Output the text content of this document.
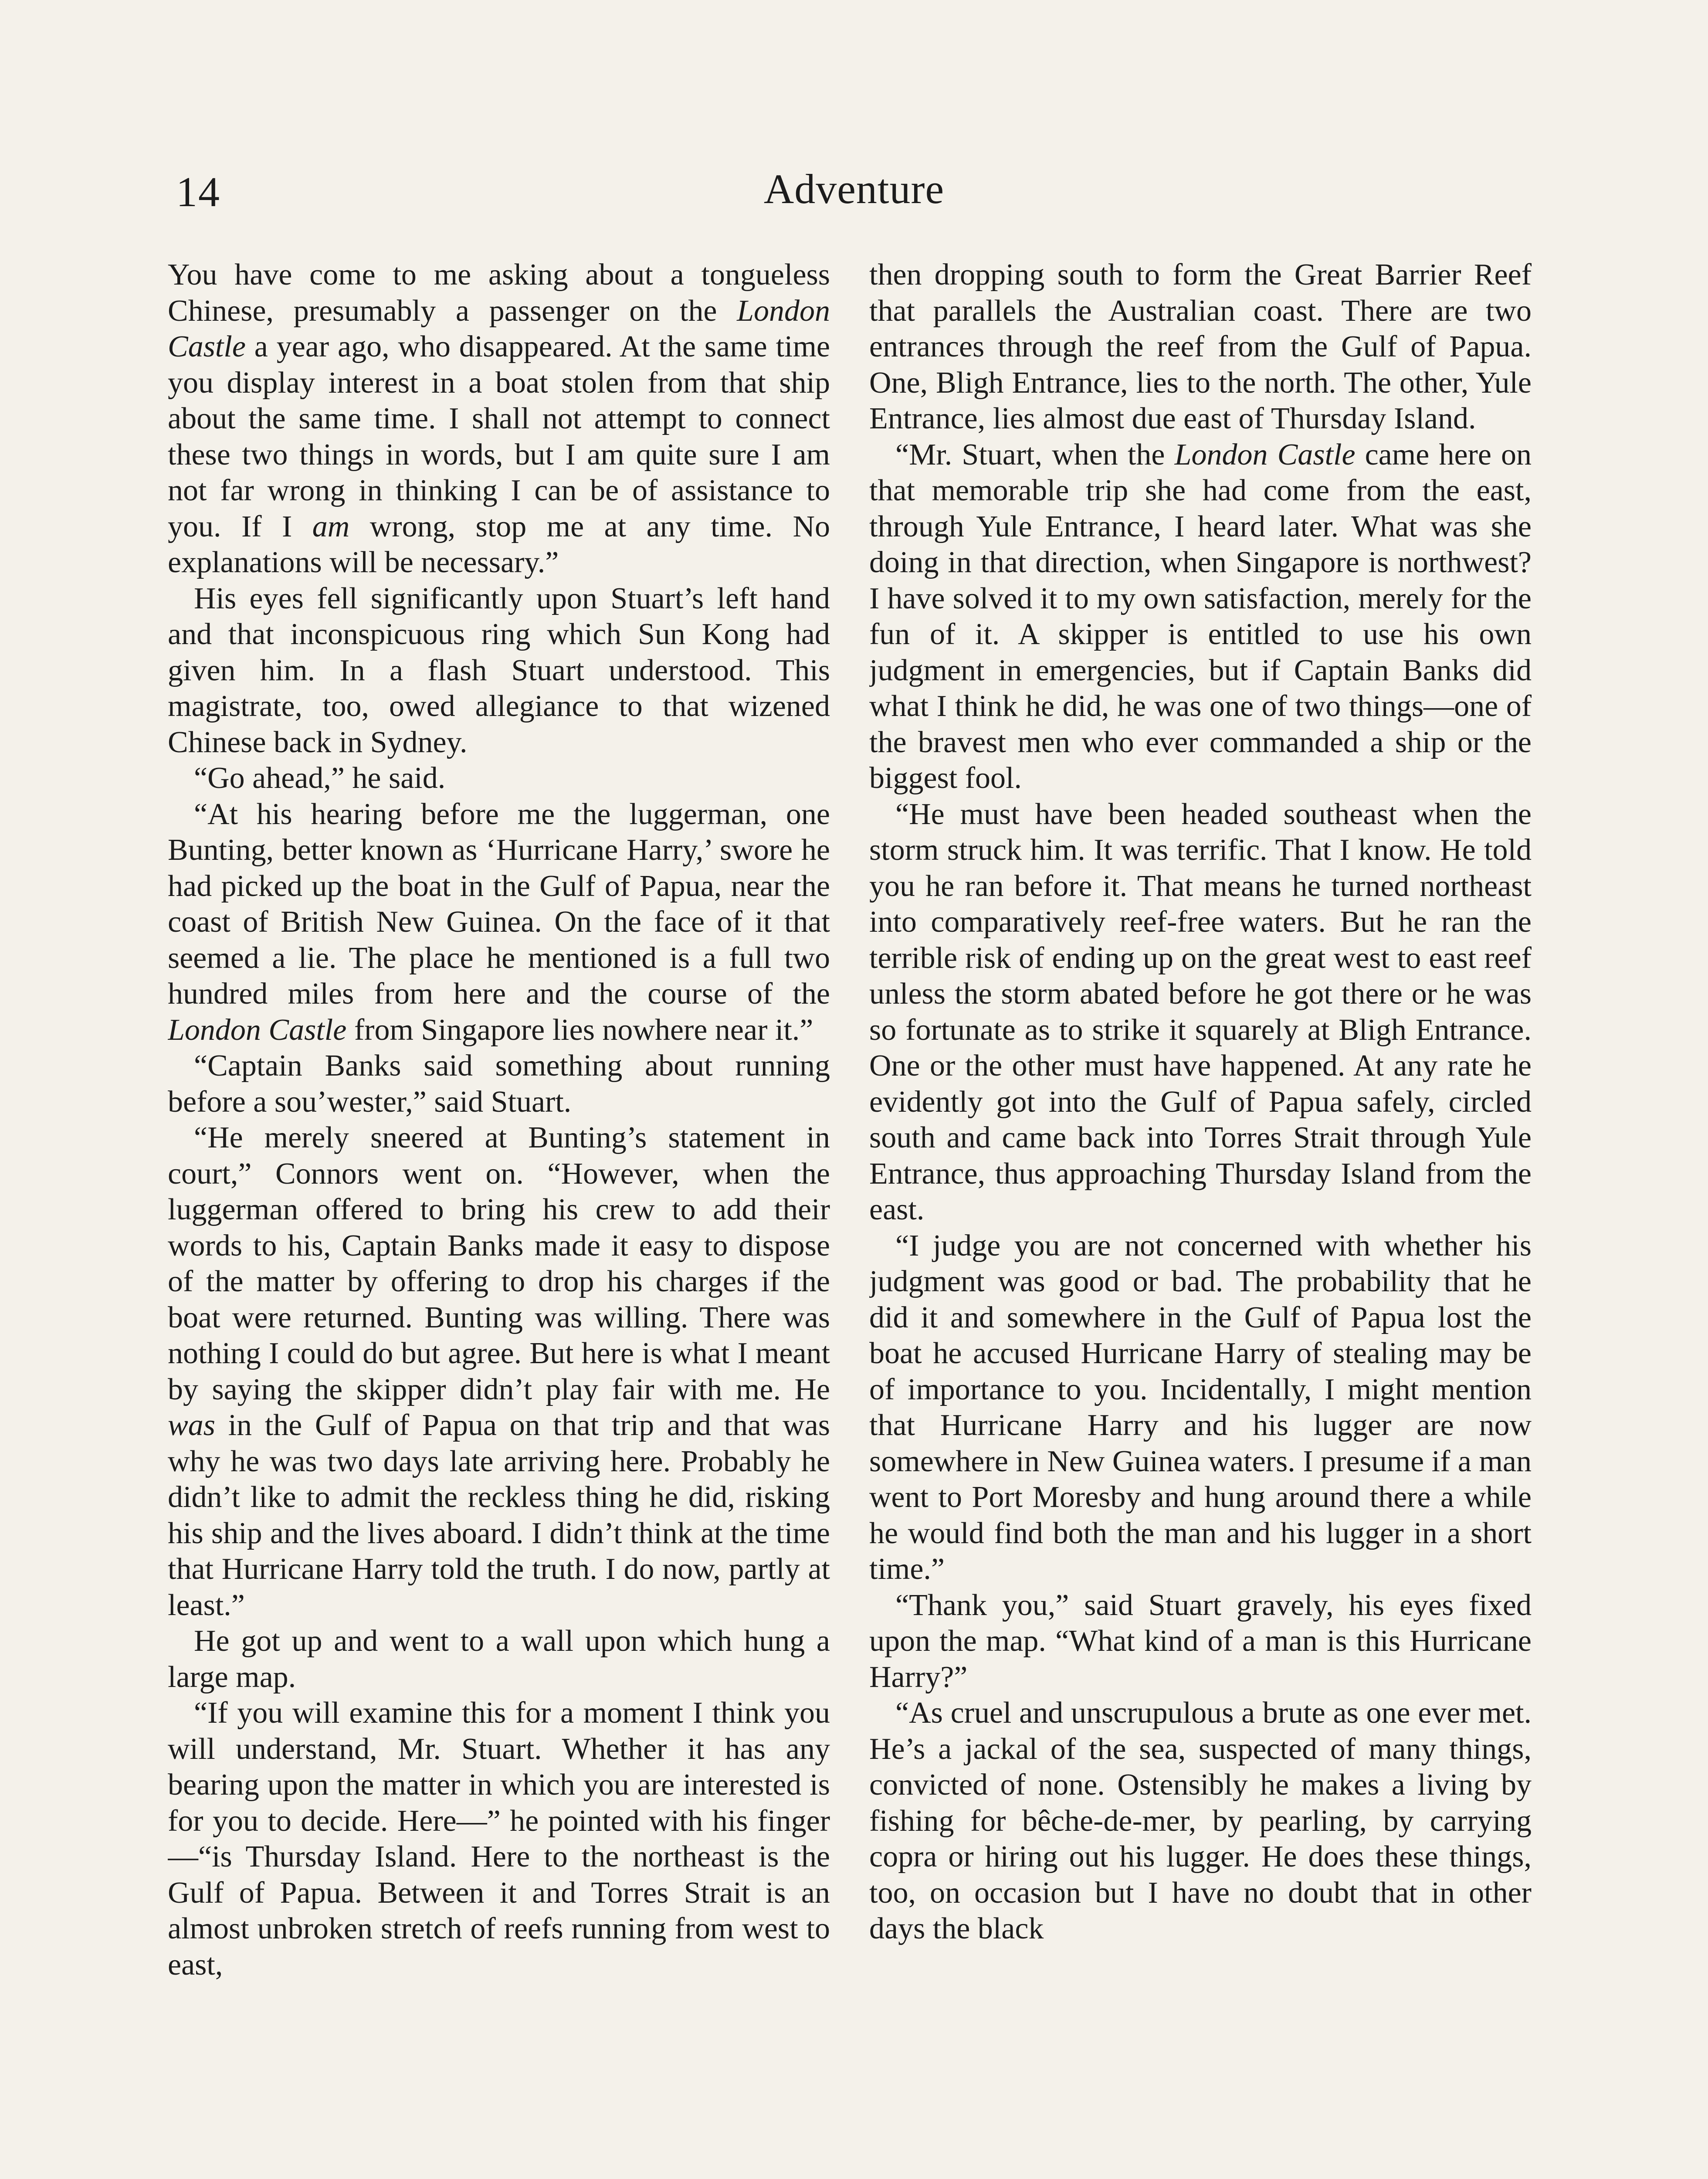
14	Adventure

You have come to me asking about a tongueless Chinese, presumably a passenger on the London Castle a year ago, who disappeared. At the same time you display interest in a boat stolen from that ship about the same time. I shall not attempt to connect these two things in words, but I am quite sure I am not far wrong in thinking I can be of assistance to you. If I am wrong, stop me at any time. No explanations will be necessary.”

His eyes fell significantly upon Stuart’s left hand and that inconspicuous ring which Sun Kong had given him. In a flash Stuart understood. This magistrate, too, owed allegiance to that wizened Chinese back in Sydney.

“Go ahead,” he said.

“At his hearing before me the luggerman, one Bunting, better known as ‘Hurricane Harry,’ swore he had picked up the boat in the Gulf of Papua, near the coast of British New Guinea. On the face of it that seemed a lie. The place he mentioned is a full two hundred miles from here and the course of the London Castle from Singapore lies nowhere near it.”

“Captain Banks said something about running before a sou’wester,” said Stuart.

“He merely sneered at Bunting’s statement in court,” Connors went on. “However, when the luggerman offered to bring his crew to add their words to his, Captain Banks made it easy to dispose of the matter by offering to drop his charges if the boat were returned. Bunting was willing. There was nothing I could do but agree. But here is what I meant by saying the skipper didn’t play fair with me. He was in the Gulf of Papua on that trip and that was why he was two days late arriving here. Probably he didn’t like to admit the reckless thing he did, risking his ship and the lives aboard. I didn’t think at the time that Hurricane Harry told the truth. I do now, partly at least.”

He got up and went to a wall upon which hung a large map.

“If you will examine this for a moment I think you will understand, Mr. Stuart. Whether it has any bearing upon the matter in which you are interested is for you to decide. Here—” he pointed with his finger—“is Thursday Island. Here to the northeast is the Gulf of Papua. Between it and Torres Strait is an almost unbroken stretch of reefs running from west to east,

then dropping south to form the Great Barrier Reef that parallels the Australian coast. There are two entrances through the reef from the Gulf of Papua. One, Bligh Entrance, lies to the north. The other, Yule Entrance, lies almost due east of Thursday Island.

“Mr. Stuart, when the London Castle came here on that memorable trip she had come from the east, through Yule Entrance, I heard later. What was she doing in that direction, when Singapore is northwest? I have solved it to my own satisfaction, merely for the fun of it. A skipper is entitled to use his own judgment in emergencies, but if Captain Banks did what I think he did, he was one of two things—one of the bravest men who ever commanded a ship or the biggest fool.

“He must have been headed southeast when the storm struck him. It was terrific. That I know. He told you he ran before it. That means he turned northeast into comparatively reef-free waters. But he ran the terrible risk of ending up on the great west to east reef unless the storm abated before he got there or he was so fortunate as to strike it squarely at Bligh Entrance. One or the other must have happened. At any rate he evidently got into the Gulf of Papua safely, circled south and came back into Torres Strait through Yule Entrance, thus approaching Thursday Island from the east.

“I judge you are not concerned with whether his judgment was good or bad. The probability that he did it and somewhere in the Gulf of Papua lost the boat he accused Hurricane Harry of stealing may be of importance to you. Incidentally, I might mention that Hurricane Harry and his lugger are now somewhere in New Guinea waters. I presume if a man went to Port Moresby and hung around there a while he would find both the man and his lugger in a short time.”

“Thank you,” said Stuart gravely, his eyes fixed upon the map. “What kind of a man is this Hurricane Harry?”

“As cruel and unscrupulous a brute as one ever met. He’s a jackal of the sea, suspected of many things, convicted of none. Ostensibly he makes a living by fishing for bêche-de-mer, by pearling, by carrying copra or hiring out his lugger. He does these things, too, on occasion but I have no doubt that in other days the black
